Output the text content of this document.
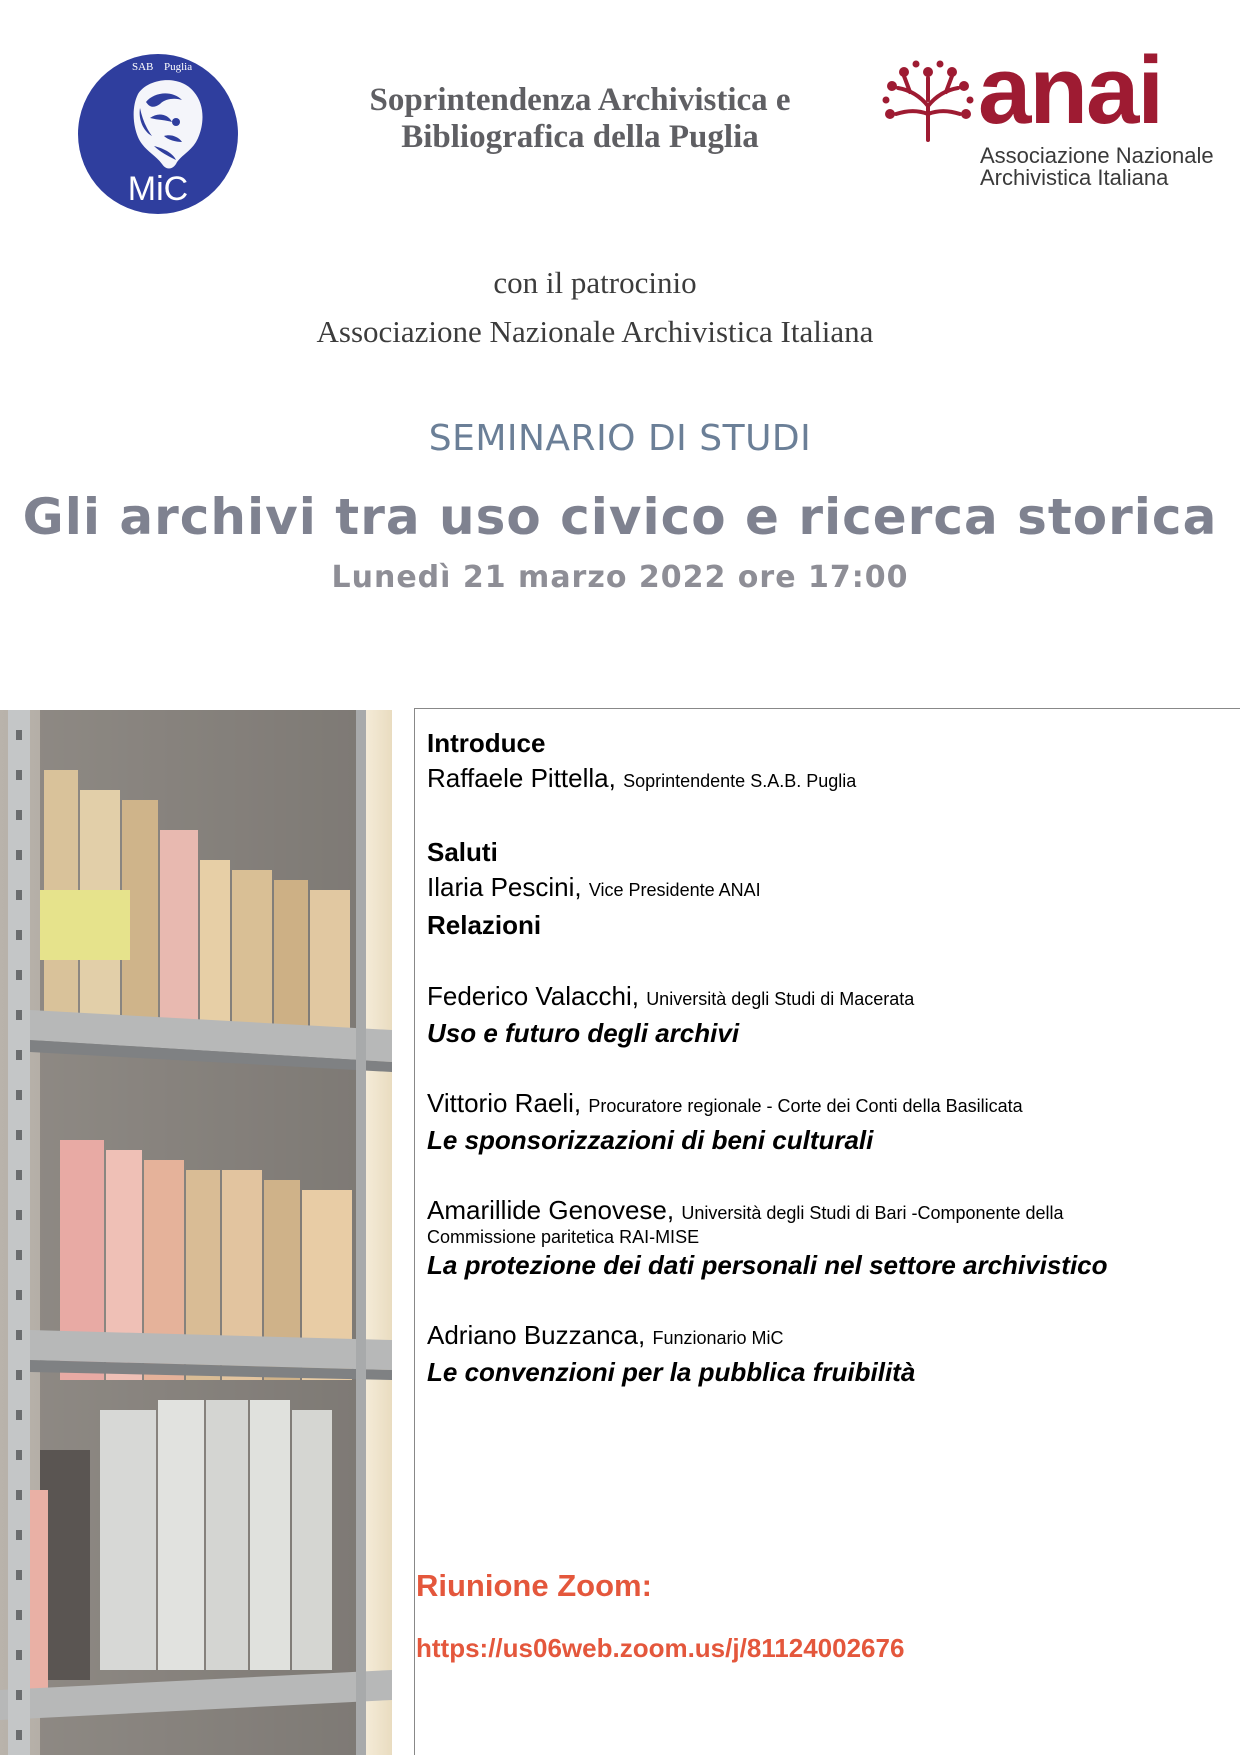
SAB Puglia
MiC
Soprintendenza Archivistica e
Bibliografica della Puglia	anai
Associazione Nazionale
Archivistica Italiana
con il patrocinio
Associazione Nazionale Archivistica Italiana
SEMINARIO DI STUDI
Gli archivi tra uso civico e ricerca storica
Lunedì 21 marzo 2022 ore 17:00
Introduce
Raffaele Pittella, Soprintendente S.A.B. Puglia
Saluti
Ilaria Pescini, Vice Presidente ANAI
Relazioni
Federico Valacchi, Università degli Studi di Macerata
Uso e futuro degli archivi
Vittorio Raeli, Procuratore regionale - Corte dei Conti della Basilicata
Le sponsorizzazioni di beni culturali
Amarillide Genovese, Università degli Studi di Bari -Componente della
Commissione paritetica RAI-MISE
La protezione dei dati personali nel settore archivistico
Adriano Buzzanca, Funzionario MiC
Le convenzioni per la pubblica fruibilità
Riunione Zoom:
https://us06web.zoom.us/j/81124002676
